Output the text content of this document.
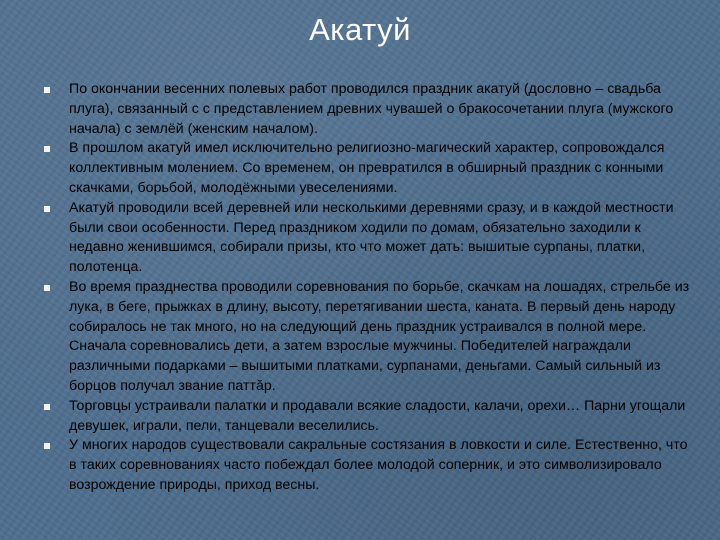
Акатуй
По окончании весенних полевых работ проводился праздник акатуй (дословно – свадьба плуга), связанный с с представлением древних чувашей о бракосочетании плуга (мужского начала) с землёй (женским началом).
В прошлом акатуй имел исключительно религиозно-магический характер, сопровождался коллективным молением. Со временем, он превратился в обширный праздник с конными скачками, борьбой, молодёжными увеселениями.
Акатуй проводили всей деревней или несколькими деревнями сразу, и в каждой местности были свои особенности. Перед праздником ходили по домам, обязательно заходили к недавно женившимся, собирали призы, кто что может дать: вышитые сурпаны, платки, полотенца.
Во время празднества проводили соревнования по борьбе, скачкам на лошадях, стрельбе из лука, в беге, прыжках в длину, высоту, перетягивании шеста, каната. В первый день народу собиралось не так много, но на следующий день праздник устраивался в полной мере. Сначала соревновались дети, а затем взрослые мужчины. Победителей награждали различными подарками – вышитыми платками, сурпанами, деньгами. Самый сильный из борцов получал звание паттăр.
Торговцы устраивали палатки и продавали всякие сладости, калачи, орехи… Парни угощали девушек, играли, пели, танцевали веселились.
У многих народов существовали сакральные состязания в ловкости и силе. Естественно, что в таких соревнованиях часто побеждал более молодой соперник, и это символизировало возрождение природы, приход весны.
